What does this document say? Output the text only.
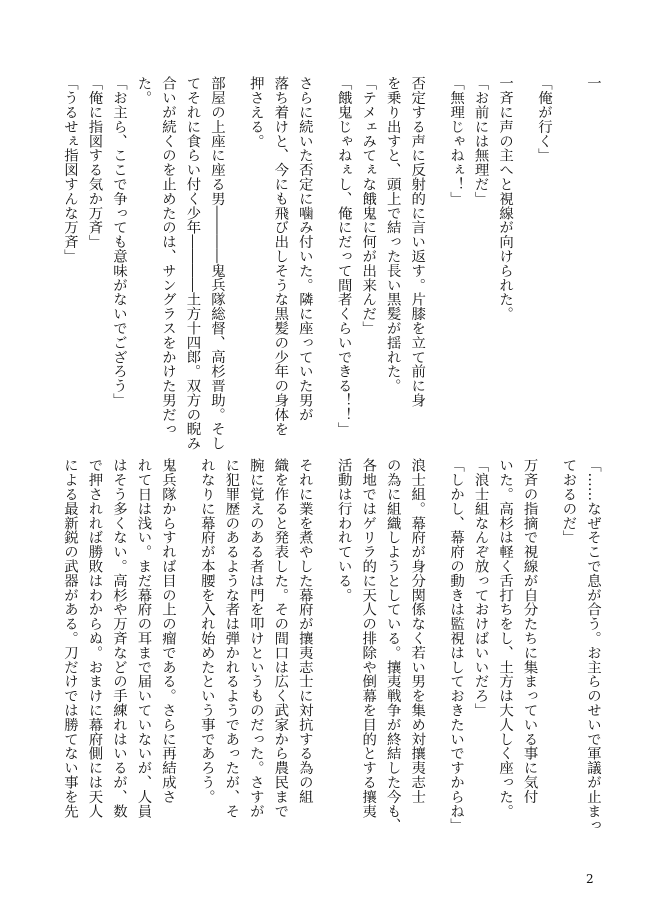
一
「俺が行く」
一斉に声の主へと視線が向けられた。
「お前には無理だ」
「無理じゃねぇ！」
否定する声に反射的に言い返す。片膝を立て前に身
を乗り出すと、頭上で結った長い黒髪が揺れた。
「テメェみてぇな餓鬼に何が出来んだ」
「餓鬼じゃねぇし、俺にだって間者くらいできる！！」
さらに続いた否定に噛み付いた。隣に座っていた男が
落ち着けと、今にも飛び出しそうな黒髪の少年の身体を
押さえる。
部屋の上座に座る男――――鬼兵隊総督、高杉晋助。そし
てそれに食らい付く少年――――土方十四郎。双方の睨み
合いが続くのを止めたのは、サングラスをかけた男だっ
た。
「お主ら、ここで争っても意味がないでござろう」
「俺に指図する気か万斉」
「うるせぇ指図すんな万斉」
「……なぜそこで息が合う。お主らのせいで軍議が止まっ
ておるのだ」
万斉の指摘で視線が自分たちに集まっている事に気付
いた。高杉は軽く舌打ちをし、土方は大人しく座った。
「浪士組なんぞ放っておけばいいだろ」
「しかし、幕府の動きは監視はしておきたいですからね」
浪士組。幕府が身分関係なく若い男を集め対攘夷志士
の為に組織しようとしている。攘夷戦争が終結した今も、
各地ではゲリラ的に天人の排除や倒幕を目的とする攘夷
活動は行われている。
それに業を煮やした幕府が攘夷志士に対抗する為の組
織を作ると発表した。その間口は広く武家から農民まで
腕に覚えのある者は門を叩けというものだった。さすが
に犯罪歴のあるような者は弾かれるようであったが、そ
れなりに幕府が本腰を入れ始めたという事であろう。
鬼兵隊からすれば目の上の瘤である。さらに再結成さ
れて日は浅い。まだ幕府の耳まで届いていないが、人員
はそう多くない。高杉や万斉などの手練れはいるが、数
で押されれば勝敗はわからぬ。おまけに幕府側には天人
による最新鋭の武器がある。刀だけでは勝てない事を先
2
